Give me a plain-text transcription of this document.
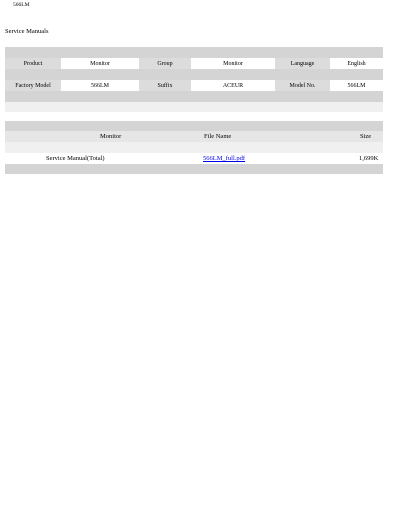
566LM
Service Manuals
Product	Monitor	Group	Monitor	Language	English
Factory Model	566LM	Suffix	ACEUR	Model No.	566LM
Monitor	File Name	Size
Service Manual(Total)	566LM_full.pdf	1,699K
